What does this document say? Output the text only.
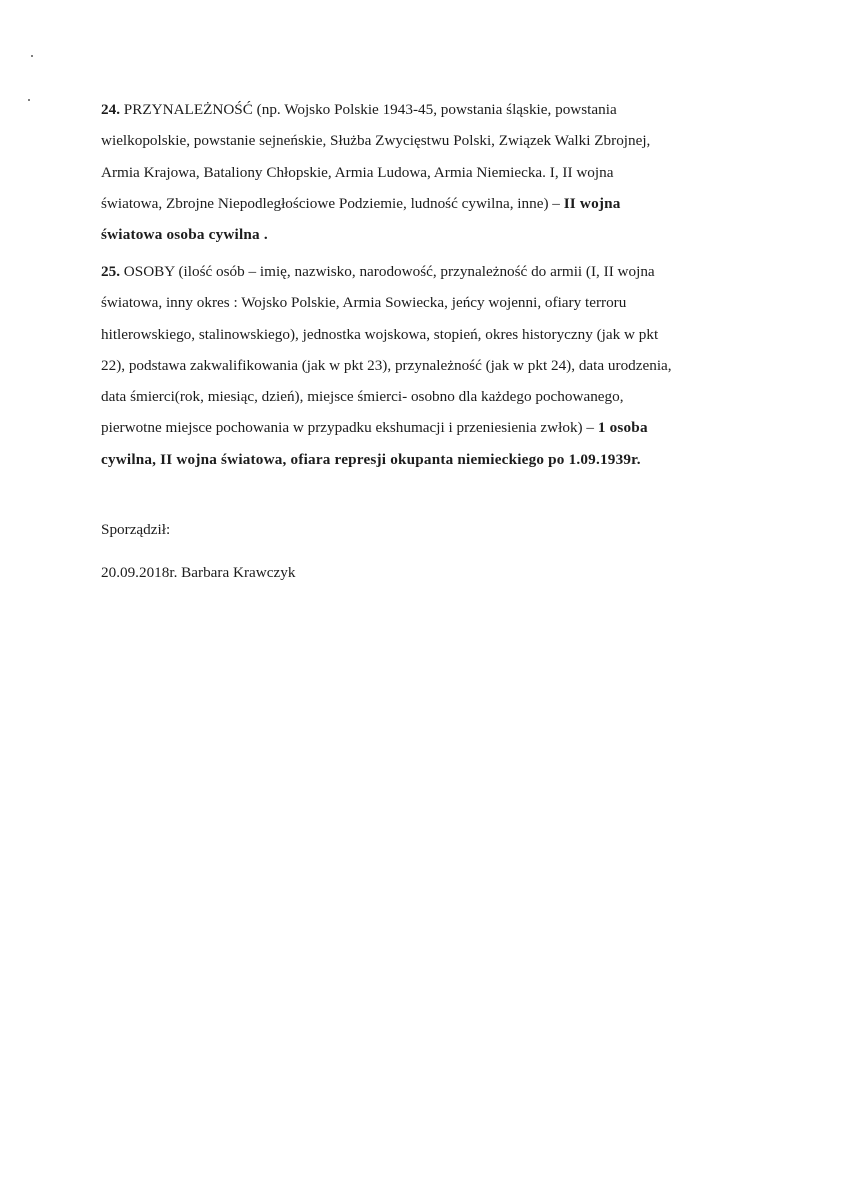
24. PRZYNALEŻNOŚĆ (np. Wojsko Polskie 1943-45, powstania śląskie, powstania
wielkopolskie, powstanie sejneńskie, Służba Zwycięstwu Polski, Związek Walki Zbrojnej,
Armia Krajowa, Bataliony Chłopskie, Armia Ludowa, Armia Niemiecka. I, II wojna
światowa, Zbrojne Niepodległościowe Podziemie, ludność cywilna, inne) – II wojna
światowa osoba cywilna .
25. OSOBY (ilość osób – imię, nazwisko, narodowość, przynależność do armii (I, II wojna
światowa, inny okres : Wojsko Polskie, Armia Sowiecka, jeńcy wojenni, ofiary terroru
hitlerowskiego, stalinowskiego), jednostka wojskowa, stopień, okres historyczny (jak w pkt
22), podstawa zakwalifikowania (jak w pkt 23), przynależność (jak w pkt 24), data urodzenia,
data śmierci(rok, miesiąc, dzień), miejsce śmierci- osobno dla każdego pochowanego,
pierwotne miejsce pochowania w przypadku ekshumacji i przeniesienia zwłok) – 1 osoba
cywilna, II wojna światowa, ofiara represji okupanta niemieckiego po 1.09.1939r.
Sporządził:
20.09.2018r. Barbara Krawczyk
